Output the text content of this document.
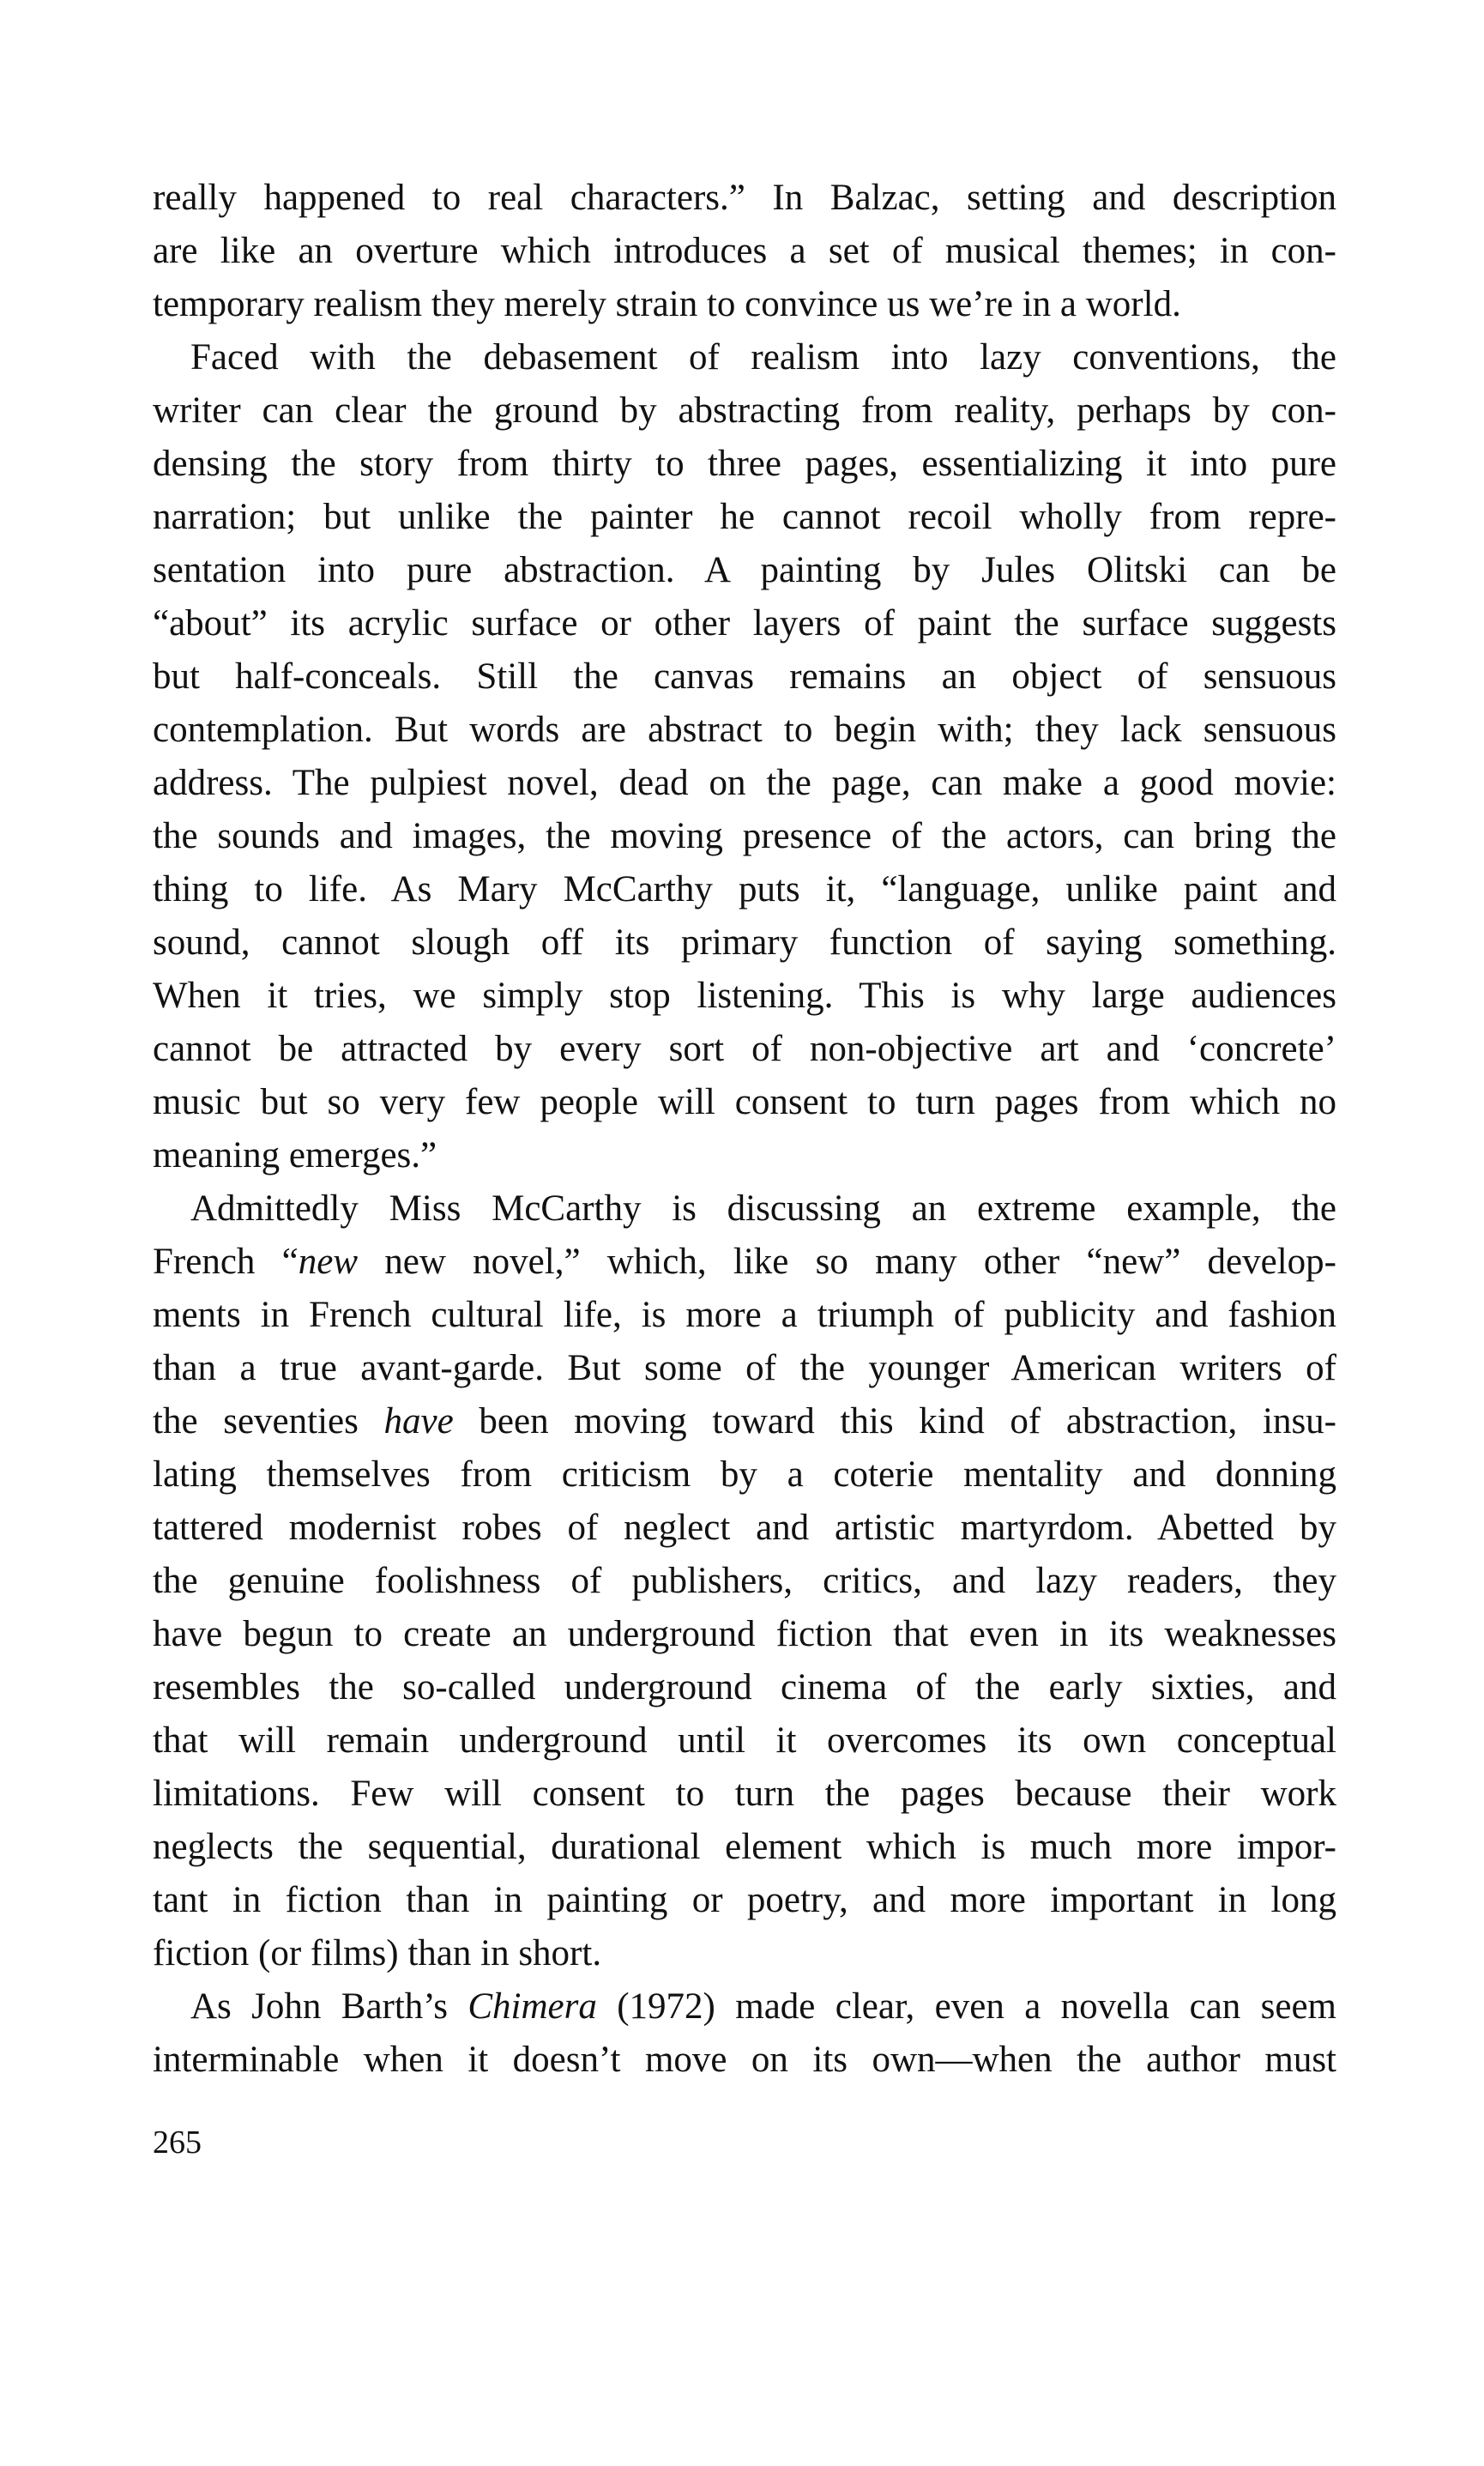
really happened to real characters.” In Balzac, setting and description
are like an overture which introduces a set of musical themes; in con-
temporary realism they merely strain to convince us we’re in a world.

Faced with the debasement of realism into lazy conventions, the
writer can clear the ground by abstracting from reality, perhaps by con-
densing the story from thirty to three pages, essentializing it into pure
narration; but unlike the painter he cannot recoil wholly from repre-
sentation into pure abstraction. A painting by Jules Olitski can be
“about” its acrylic surface or other layers of paint the surface suggests
but half-conceals. Still the canvas remains an object of sensuous
contemplation. But words are abstract to begin with; they lack sensuous
address. The pulpiest novel, dead on the page, can make a good movie:
the sounds and images, the moving presence of the actors, can bring the
thing to life. As Mary McCarthy puts it, “language, unlike paint and
sound, cannot slough off its primary function of saying something.
When it tries, we simply stop listening. This is why large audiences
cannot be attracted by every sort of non-objective art and ‘concrete’
music but so very few people will consent to turn pages from which no
meaning emerges.”

Admittedly Miss McCarthy is discussing an extreme example, the
French “new new novel,” which, like so many other “new” develop-
ments in French cultural life, is more a triumph of publicity and fashion
than a true avant-garde. But some of the younger American writers of
the seventies have been moving toward this kind of abstraction, insu-
lating themselves from criticism by a coterie mentality and donning
tattered modernist robes of neglect and artistic martyrdom. Abetted by
the genuine foolishness of publishers, critics, and lazy readers, they
have begun to create an underground fiction that even in its weaknesses
resembles the so-called underground cinema of the early sixties, and
that will remain underground until it overcomes its own conceptual
limitations. Few will consent to turn the pages because their work
neglects the sequential, durational element which is much more impor-
tant in fiction than in painting or poetry, and more important in long
fiction (or films) than in short.

As John Barth’s Chimera (1972) made clear, even a novella can seem
interminable when it doesn’t move on its own—when the author must

265
